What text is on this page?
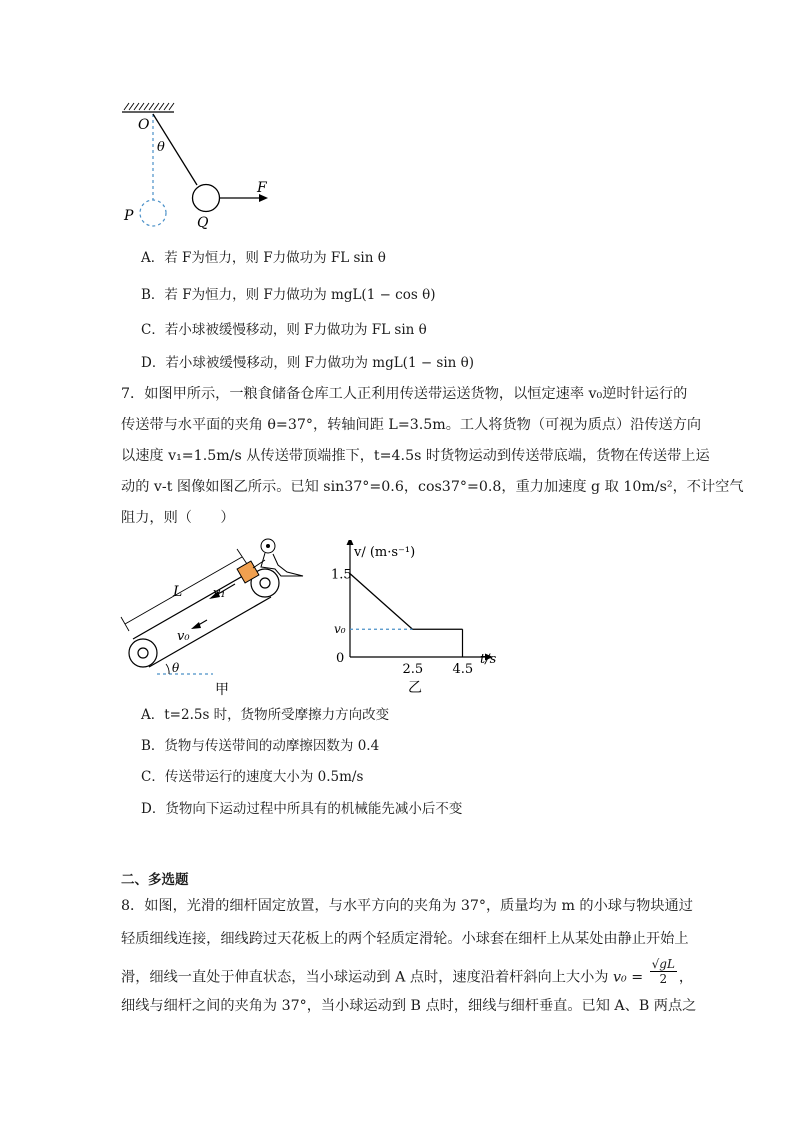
O
θ
P	Q
F
A．若 F为恒力，则 F力做功为 FL sin θ
B．若 F为恒力，则 F力做功为 mgL(1 − cos θ)
C．若小球被缓慢移动，则 F力做功为 FL sin θ
D．若小球被缓慢移动，则 F力做功为 mgL(1 − sin θ)
7．如图甲所示，一粮食储备仓库工人正利用传送带运送货物，以恒定速率 v₀逆时针运行的
传送带与水平面的夹角 θ=37°，转轴间距 L=3.5m。工人将货物（可视为质点）沿传送方向
以速度 v₁=1.5m/s 从传送带顶端推下，t=4.5s 时货物运动到传送带底端，货物在传送带上运
动的 v-t 图像如图乙所示。已知 sin37°=0.6，cos37°=0.8，重力加速度 g 取 10m/s²，不计空气
阻力，则（　　）
L v₁
v₀
θ
甲
v/ (m·s⁻¹)
t/s
1.5
v₀
0
2.5 4.5
乙
A．t=2.5s 时，货物所受摩擦力方向改变
B．货物与传送带间的动摩擦因数为 0.4
C．传送带运行的速度大小为 0.5m/s
D．货物向下运动过程中所具有的机械能先减小后不变
二、多选题
8．如图，光滑的细杆固定放置，与水平方向的夹角为 37°，质量均为 m 的小球与物块通过
轻质细线连接，细线跨过天花板上的两个轻质定滑轮。小球套在细杆上从某处由静止开始上
滑，细线一直处于伸直状态，当小球运动到 A 点时，速度沿着杆斜向上大小为 $v_0 = \frac{√gL}{2}$ ，
细线与细杆之间的夹角为 37°，当小球运动到 B 点时，细线与细杆垂直。已知 A、B 两点之
